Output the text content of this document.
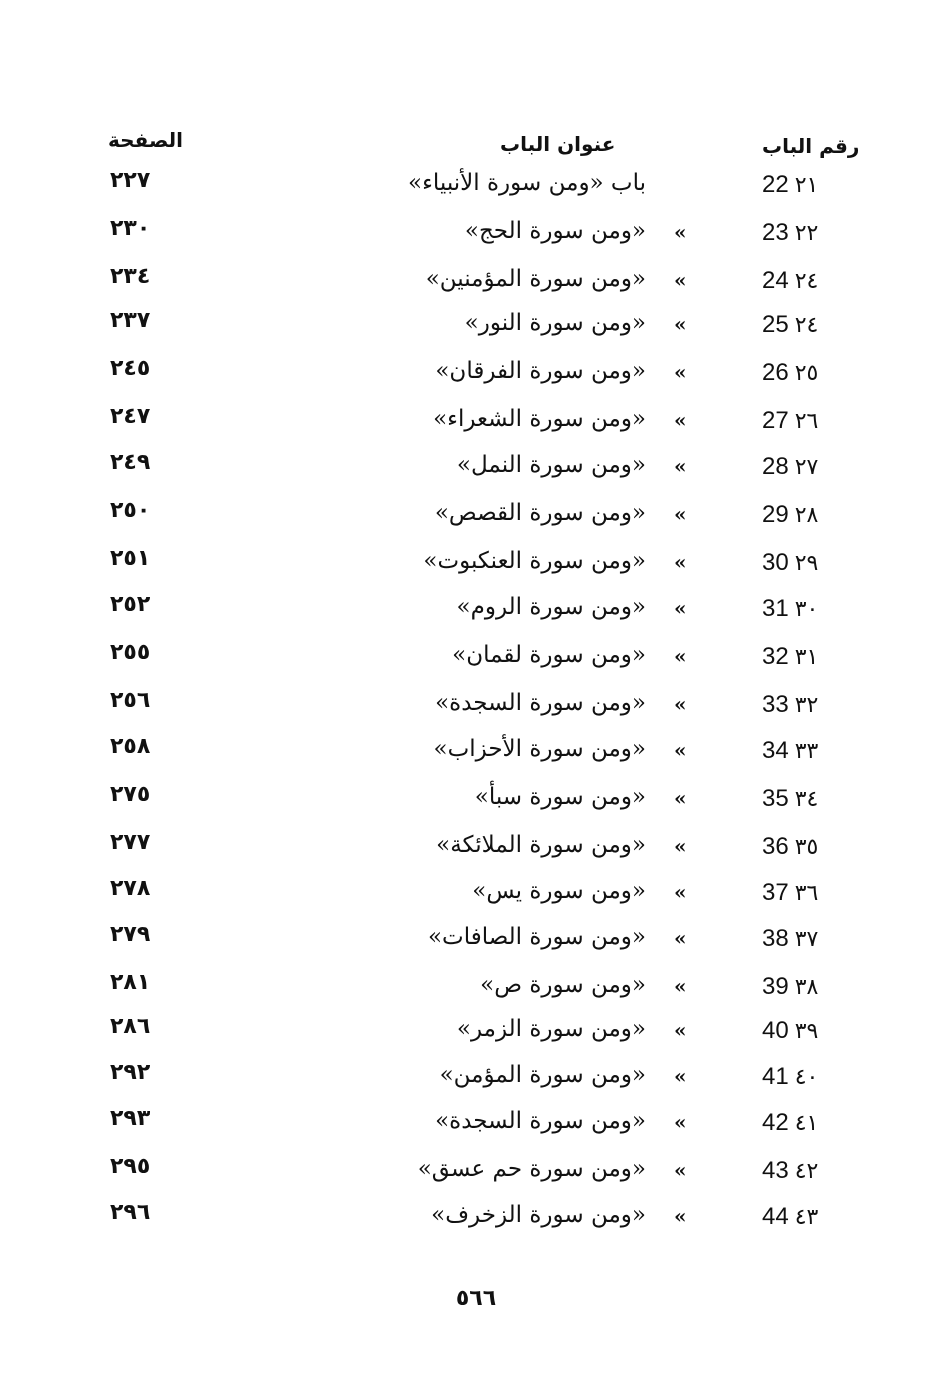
الصفحة	عنوان الباب	رقم الباب
٢٢٧	باب «ومن سورة الأنبياء»	22 ٢١
٢٣٠	«ومن سورة الحج» «	23 ٢٢
٢٣٤	«ومن سورة المؤمنين» «	24 ٢٤
٢٣٧	«ومن سورة النور» «	25 ٢٤
٢٤٥	«ومن سورة الفرقان» «	26 ٢٥
٢٤٧	«ومن سورة الشعراء» «	27 ٢٦
٢٤٩	«ومن سورة النمل» «	28 ٢٧
٢٥٠	«ومن سورة القصص» «	29 ٢٨
٢٥١	«ومن سورة العنكبوت» «	30 ٢٩
٢٥٢	«ومن سورة الروم» «	31 ٣٠
٢٥٥	«ومن سورة لقمان» «	32 ٣١
٢٥٦	«ومن سورة السجدة» «	33 ٣٢
٢٥٨	«ومن سورة الأحزاب» «	34 ٣٣
٢٧٥	«ومن سورة سبأ» «	35 ٣٤
٢٧٧	«ومن سورة الملائكة» «	36 ٣٥
٢٧٨	«ومن سورة يس» «	37 ٣٦
٢٧٩	«ومن سورة الصافات» «	38 ٣٧
٢٨١	«ومن سورة ص» «	39 ٣٨
٢٨٦	«ومن سورة الزمر» «	40 ٣٩
٢٩٢	«ومن سورة المؤمن» «	41 ٤٠
٢٩٣	«ومن سورة السجدة» «	42 ٤١
٢٩٥	«ومن سورة حم عسق» «	43 ٤٢
٢٩٦	«ومن سورة الزخرف» «	44 ٤٣
٥٦٦
